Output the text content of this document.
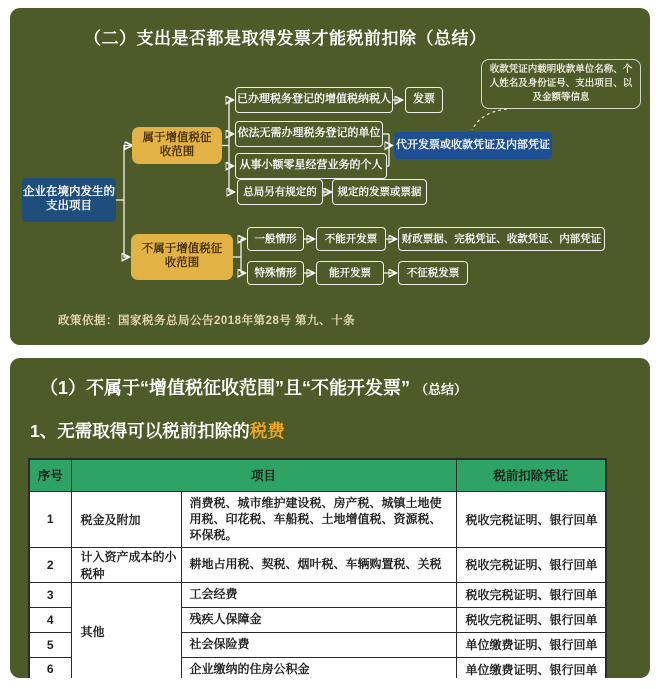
（二）支出是否都是取得发票才能税前扣除（总结）
收款凭证内载明收款单位名称、个人姓名及身份证号、支出项目、以及金额等信息
企业在境内发生的支出项目
属于增值税征收范围
不属于增值税征收范围
已办理税务登记的增值税纳税人	发票
依法无需办理税务登记的单位
从事小额零星经营业务的个人
代开发票或收款凭证及内部凭证
总局另有规定的	规定的发票或票据
一般情形	不能开发票	财政票据、完税凭证、收款凭证、内部凭证
特殊情形	能开发票	不征税发票
政策依据：国家税务总局公告2018年第28号 第九、十条
（1）不属于“增值税征收范围”且“不能开发票” （总结）
1、无需取得可以税前扣除的税费
序号	项目		税前扣除凭证
1	税金及附加	消费税、城市维护建设税、房产税、城镇土地使用税、印花税、车船税、土地增值税、资源税、环保税。	税收完税证明、银行回单
2	计入资产成本的小税种	耕地占用税、契税、烟叶税、车辆购置税、关税	税收完税证明、银行回单
3	其他	工会经费	税收完税证明、银行回单
4		残疾人保障金	税收完税证明、银行回单
5		社会保险费	单位缴费证明、银行回单
6		企业缴纳的住房公积金	单位缴费证明、银行回单
